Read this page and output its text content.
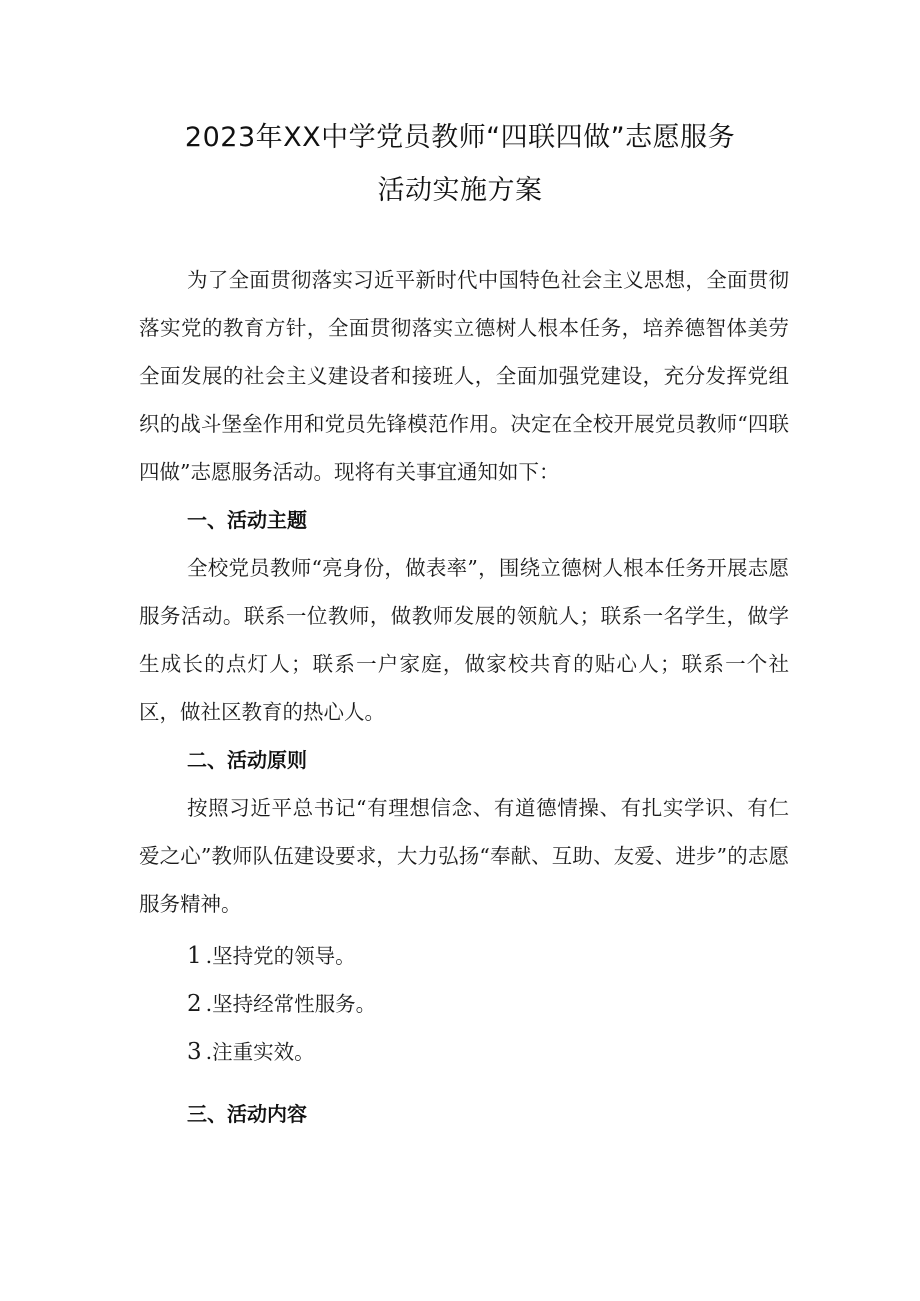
2023年XX中学党员教师“四联四做”志愿服务
活动实施方案

为了全面贯彻落实习近平新时代中国特色社会主义思想，全面贯彻落实党的教育方针，全面贯彻落实立德树人根本任务，培养德智体美劳全面发展的社会主义建设者和接班人，全面加强党建设，充分发挥党组织的战斗堡垒作用和党员先锋模范作用。决定在全校开展党员教师“四联四做”志愿服务活动。现将有关事宜通知如下：

一、活动主题

全校党员教师“亮身份，做表率”，围绕立德树人根本任务开展志愿服务活动。联系一位教师，做教师发展的领航人；联系一名学生，做学生成长的点灯人；联系一户家庭，做家校共育的贴心人；联系一个社区，做社区教育的热心人。

二、活动原则

按照习近平总书记“有理想信念、有道德情操、有扎实学识、有仁爱之心”教师队伍建设要求，大力弘扬“奉献、互助、友爱、进步”的志愿服务精神。

1 .坚持党的领导。
2 .坚持经常性服务。
3 .注重实效。
三、活动内容
